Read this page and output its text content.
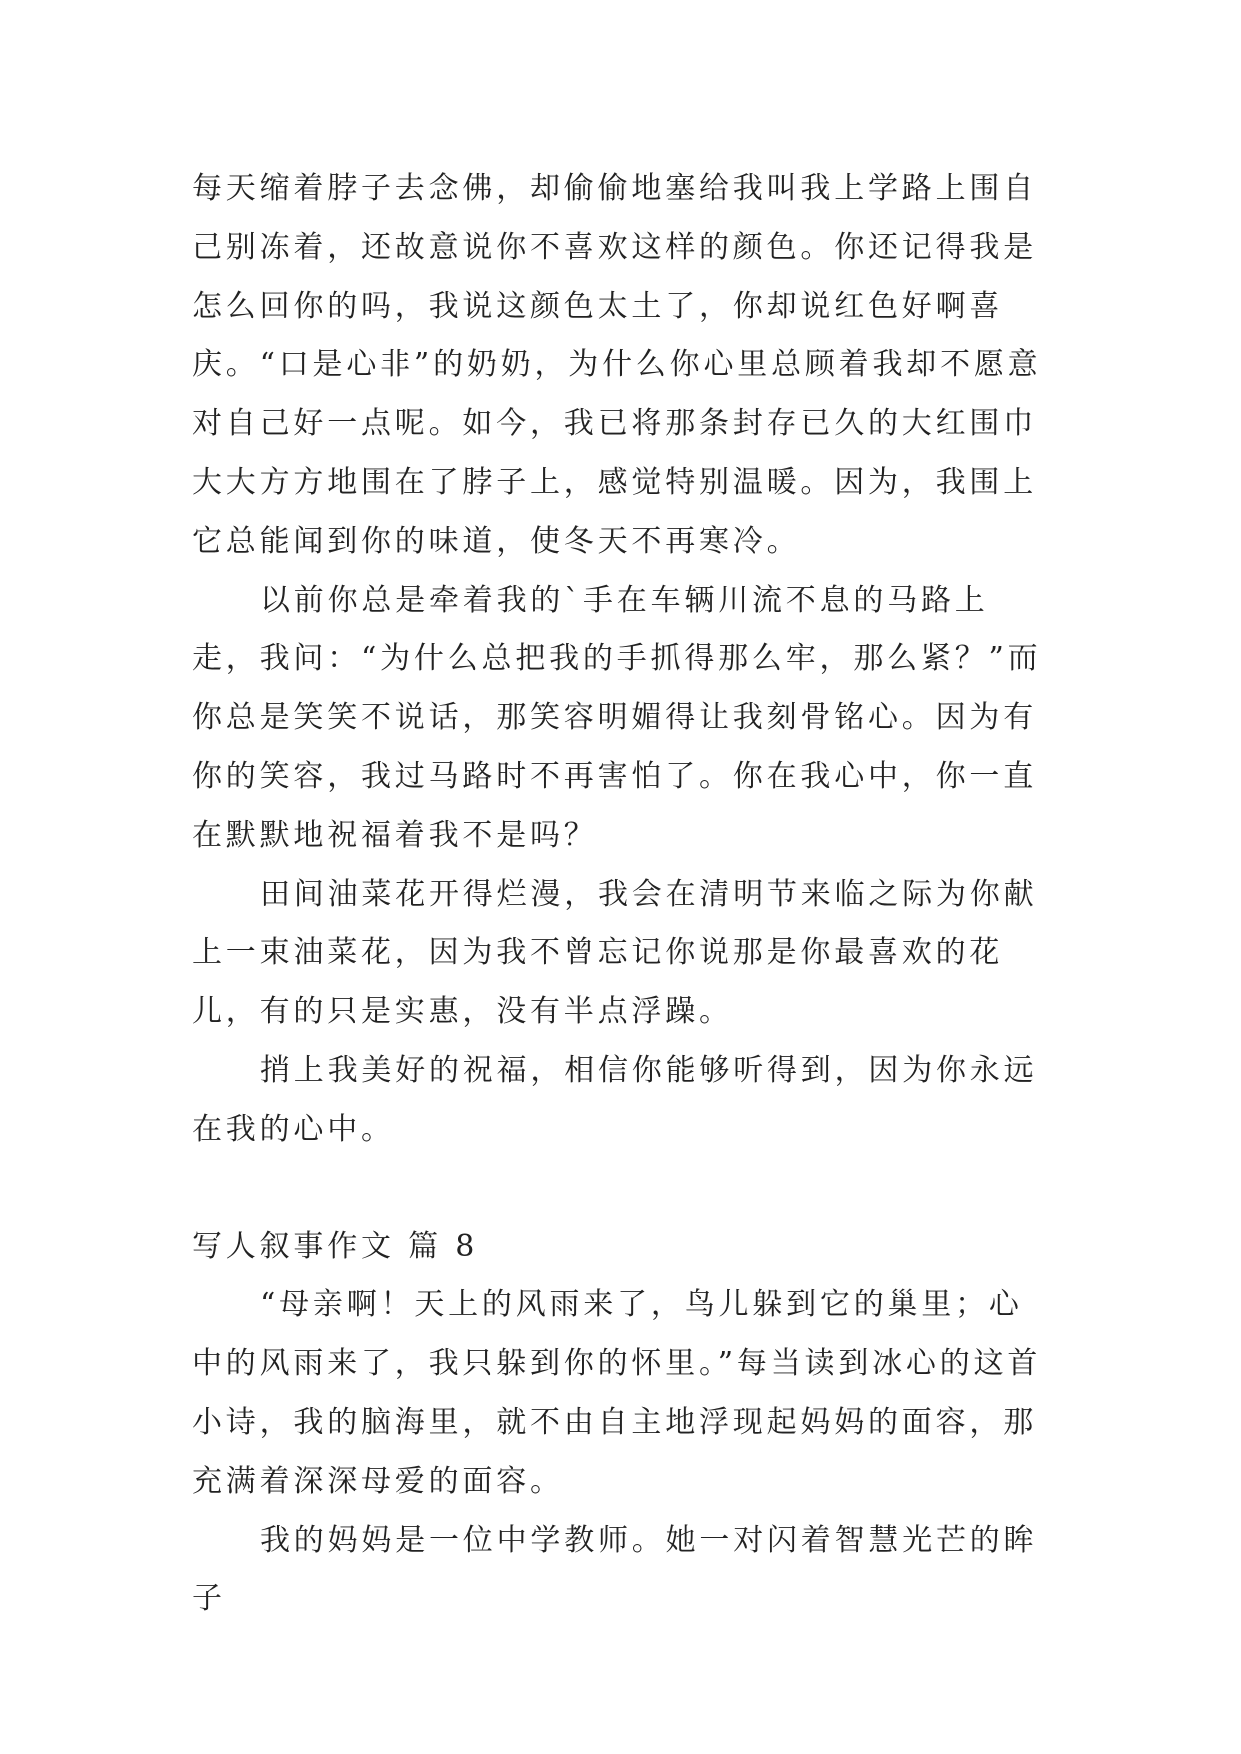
每天缩着脖子去念佛，却偷偷地塞给我叫我上学路上围自己别冻着，还故意说你不喜欢这样的颜色。你还记得我是怎么回你的吗，我说这颜色太土了，你却说红色好啊喜庆。“口是心非”的奶奶，为什么你心里总顾着我却不愿意对自己好一点呢。如今，我已将那条封存已久的大红围巾大大方方地围在了脖子上，感觉特别温暖。因为，我围上它总能闻到你的味道，使冬天不再寒冷。

以前你总是牵着我的`手在车辆川流不息的马路上走，我问：“为什么总把我的手抓得那么牢，那么紧？”而你总是笑笑不说话，那笑容明媚得让我刻骨铭心。因为有你的笑容，我过马路时不再害怕了。你在我心中，你一直在默默地祝福着我不是吗？

田间油菜花开得烂漫，我会在清明节来临之际为你献上一束油菜花，因为我不曾忘记你说那是你最喜欢的花儿，有的只是实惠，没有半点浮躁。

捎上我美好的祝福，相信你能够听得到，因为你永远在我的心中。

写人叙事作文 篇 8

“母亲啊！天上的风雨来了，鸟儿躲到它的巢里；心中的风雨来了，我只躲到你的怀里。”每当读到冰心的这首小诗，我的脑海里，就不由自主地浮现起妈妈的面容，那充满着深深母爱的面容。

我的妈妈是一位中学教师。她一对闪着智慧光芒的眸子
